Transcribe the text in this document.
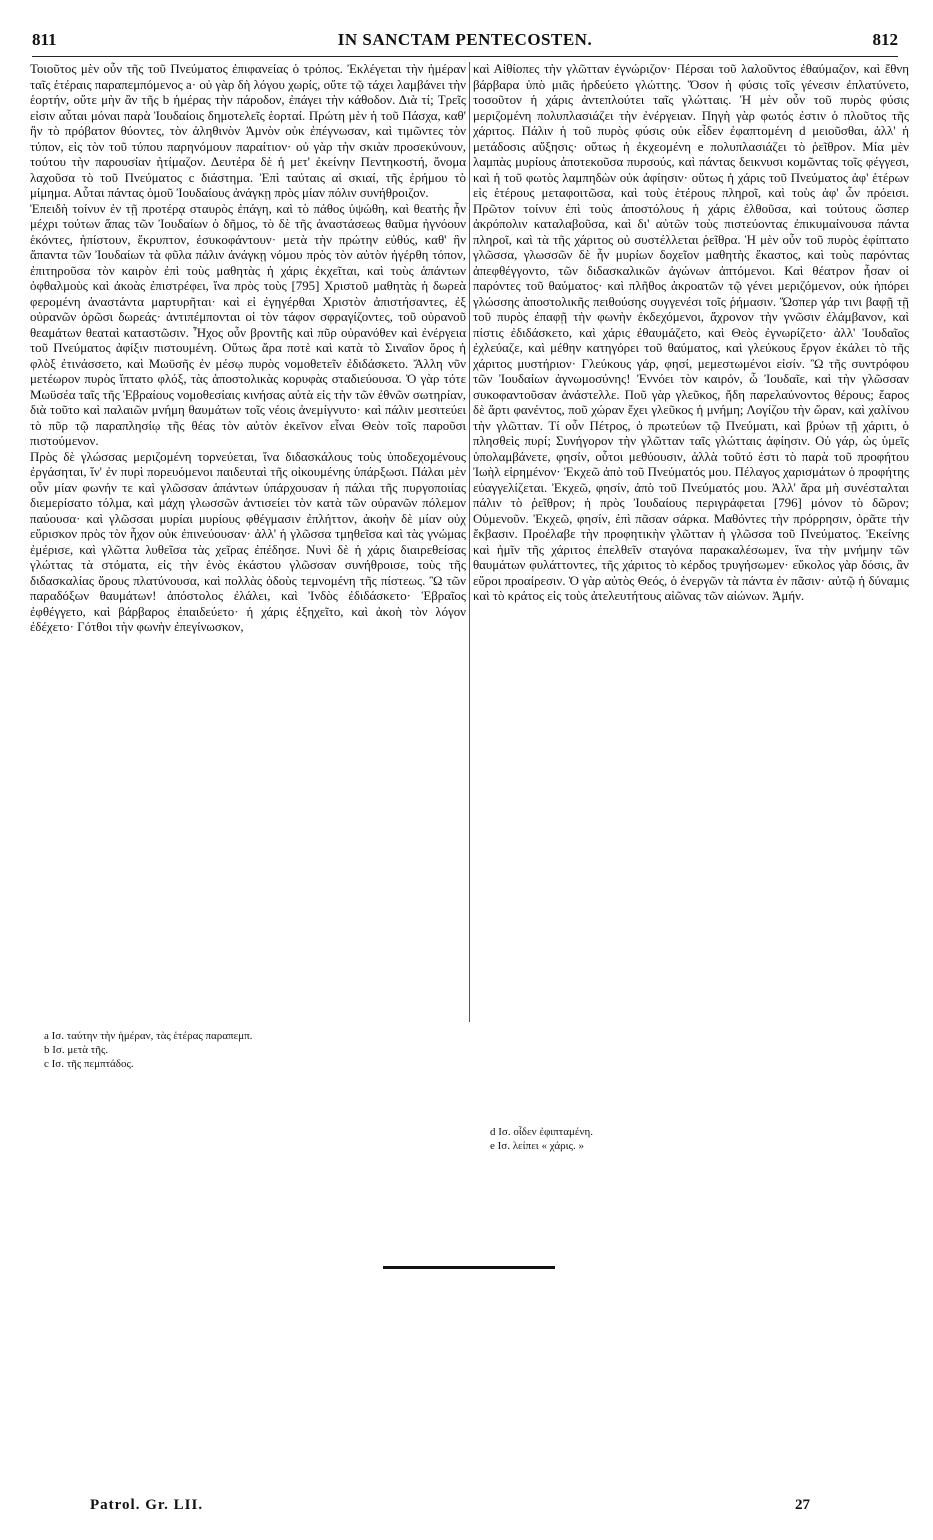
811	IN SANCTAM PENTECOSTEN.	812

Τοιοῦτος μὲν οὖν τῆς τοῦ Πνεύματος ἐπιφανείας ὁ τρόπος. Ἐκλέγεται τὴν ἡμέραν ταῖς ἑτέραις παραπεμπόμενος a· οὐ γὰρ δὴ λόγου χωρίς, οὔτε τῷ τάχει λαμβάνει τὴν ἑορτήν, οὔτε μὴν ἂν τῆς b ἡμέρας τὴν πάροδον, ἐπάγει τὴν κάθοδον. Διὰ τί; Τρεῖς εἰσιν αὗται μόναι παρὰ Ἰουδαίοις δημοτελεῖς ἑορταί. Πρώτη μὲν ἡ τοῦ Πάσχα, καθ' ἣν τὸ πρόβατον θύοντες, τὸν ἀληθινὸν Ἀμνὸν οὐκ ἐπέγνωσαν, καὶ τιμῶντες τὸν τύπον, εἰς τὸν τοῦ τύπου παρηνόμουν παραίτιον· οὐ γὰρ τὴν σκιὰν προσεκύνουν, τούτου τὴν παρουσίαν ἠτίμαζον. Δευτέρα δὲ ἡ μετ' ἐκείνην Πεντηκοστή, ὄνομα λαχοῦσα τὸ τοῦ Πνεύματος c διάστημα. Ἐπὶ ταύταις αἱ σκιαί, τῆς ἐρήμου τὸ μίμημα. Αὗται πάντας ὁμοῦ Ἰουδαίους ἀνάγκῃ πρὸς μίαν πόλιν συνήθροιζον.

Ἐπειδὴ τοίνυν ἐν τῇ προτέρᾳ σταυρὸς ἐπάγη, καὶ τὸ πάθος ὑψώθη, καὶ θεατὴς ἦν μέχρι τούτων ἅπας τῶν Ἰουδαίων ὁ δῆμος, τὸ δὲ τῆς ἀναστάσεως θαῦμα ἠγνόουν ἑκόντες, ἠπίστουν, ἔκρυπτον, ἐσυκοφάντουν· μετὰ τὴν πρώτην εὐθύς, καθ' ἣν ἅπαντα τῶν Ἰουδαίων τὰ φῦλα πάλιν ἀνάγκῃ νόμου πρὸς τὸν αὐτὸν ἠγέρθη τόπον, ἐπιτηροῦσα τὸν καιρὸν ἐπὶ τοὺς μαθητὰς ἡ χάρις ἐκχεῖται, καὶ τοὺς ἁπάντων ὀφθαλμοὺς καὶ ἀκοὰς ἐπιστρέφει, ἵνα πρὸς τοὺς [795] Χριστοῦ μαθητὰς ἡ δωρεὰ φερομένη ἀναστάντα μαρτυρῆται· καὶ εἰ ἐγηγέρθαι Χριστὸν ἀπιστήσαντες, ἐξ οὐρανῶν ὁρῶσι δωρεάς· ἀντιπέμπονται οἱ τὸν τάφον σφραγίζοντες, τοῦ οὐρανοῦ θεαμάτων θεαταὶ καταστῶσιν. Ἦχος οὖν βροντῆς καὶ πῦρ οὐρανόθεν καὶ ἐνέργεια τοῦ Πνεύματος ἀφίξιν πιστουμένη. Οὕτως ἄρα ποτὲ καὶ κατὰ τὸ Σιναῖον ὄρος ἡ φλὸξ ἐτινάσσετο, καὶ Μωϋσῆς ἐν μέσῳ πυρὸς νομοθετεῖν ἐδιδάσκετο. Ἄλλη νῦν μετέωρον πυρὸς ἵπτατο φλόξ, τὰς ἀποστολικὰς κορυφὰς σταδιεύουσα. Ὁ γὰρ τότε Μωϋσέα ταῖς τῆς Ἑβραίους νομοθεσίαις κινήσας αὐτὰ εἰς τὴν τῶν ἐθνῶν σωτηρίαν, διὰ τοῦτο καὶ παλαιῶν μνήμη θαυμάτων τοῖς νέοις ἀνεμίγνυτο· καὶ πάλιν μεσιτεύει τὸ πῦρ τῷ παραπλησίῳ τῆς θέας τὸν αὐτὸν ἐκεῖνον εἶναι Θεὸν τοῖς παροῦσι πιστούμενον.

Πρὸς δὲ γλώσσας μεριζομένη τορνεύεται, ἵνα διδασκάλους τοὺς ὑποδεχομένους ἐργάσηται, ἵν' ἐν πυρὶ πορευόμενοι παιδευταὶ τῆς οἰκουμένης ὑπάρξωσι. Πάλαι μὲν οὖν μίαν φωνήν τε καὶ γλῶσσαν ἁπάντων ὑπάρχουσαν ἡ πάλαι τῆς πυργοποιίας διεμερίσατο τόλμα, καὶ μάχη γλωσσῶν ἀντισείει τὸν κατὰ τῶν οὐρανῶν πόλεμον παύουσα· καὶ γλῶσσαι μυρίαι μυρίους φθέγμασιν ἐπλήττον, ἀκοὴν δὲ μίαν οὐχ εὕρισκον πρὸς τὸν ἦχον οὐκ ἐπινεύουσαν· ἀλλ' ἡ γλῶσσα τμηθεῖσα καὶ τὰς γνώμας ἐμέρισε, καὶ γλῶττα λυθεῖσα τὰς χεῖρας ἐπέδησε. Νυνὶ δὲ ἡ χάρις διαιρεθείσας γλώττας τὰ στόματα, εἰς τὴν ἑνὸς ἑκάστου γλῶσσαν συνήθροισε, τοὺς τῆς διδασκαλίας ὅρους πλατύνουσα, καὶ πολλὰς ὁδοὺς τεμνομένη τῆς πίστεως. Ὢ τῶν παραδόξων θαυμάτων! ἀπόστολος ἐλάλει, καὶ Ἰνδὸς ἐδιδάσκετο· Ἑβραῖος ἐφθέγγετο, καὶ βάρβαρος ἐπαιδεύετο· ἡ χάρις ἐξηχεῖτο, καὶ ἀκοὴ τὸν λόγον ἐδέχετο· Γότθοι τὴν φωνὴν ἐπεγίνωσκον,

καὶ Αἰθίοπες τὴν γλῶτταν ἐγνώριζον· Πέρσαι τοῦ λαλοῦντος ἐθαύμαζον, καὶ ἔθνη βάρβαρα ὑπὸ μιᾶς ἠρδεύετο γλώττης. Ὅσον ἡ φύσις τοῖς γένεσιν ἐπλατύνετο, τοσοῦτον ἡ χάρις ἀντεπλούτει ταῖς γλώτταις. Ἡ μὲν οὖν τοῦ πυρὸς φύσις μεριζομένη πολυπλασιάζει τὴν ἐνέργειαν. Πηγὴ γὰρ φωτός ἐστιν ὁ πλοῦτος τῆς χάριτος. Πάλιν ἡ τοῦ πυρὸς φύσις οὐκ εἶδεν ἐφαπτομένη d μειοῦσθαι, ἀλλ' ἡ μετάδοσις αὔξησις· οὕτως ἡ ἐκχεομένη e πολυπλασιάζει τὸ ῥεῖθρον. Μία μὲν λαμπὰς μυρίους ἀποτεκοῦσα πυρσούς, καὶ πάντας δεικνυσι κομῶντας τοῖς φέγγεσι, καὶ ἡ τοῦ φωτὸς λαμπηδὼν οὐκ ἀφίησιν· οὕτως ἡ χάρις τοῦ Πνεύματος ἀφ' ἑτέρων εἰς ἑτέρους μεταφοιτῶσα, καὶ τοὺς ἑτέρους πληροῖ, καὶ τοὺς ἀφ' ὧν πρόεισι. Πρῶτον τοίνυν ἐπὶ τοὺς ἀποστόλους ἡ χάρις ἐλθοῦσα, καὶ τούτους ὥσπερ ἀκρόπολιν καταλαβοῦσα, καὶ δι' αὐτῶν τοὺς πιστεύοντας ἐπικυμαίνουσα πάντα πληροῖ, καὶ τὰ τῆς χάριτος οὐ συστέλλεται ῥεῖθρα. Ἡ μὲν οὖν τοῦ πυρὸς ἐφίπτατο γλῶσσα, γλωσσῶν δὲ ἦν μυρίων δοχεῖον μαθητὴς ἕκαστος, καὶ τοὺς παρόντας ἀπεφθέγγοντο, τῶν διδασκαλικῶν ἀγώνων ἀπτόμενοι. Καὶ θέατρον ἦσαν οἱ παρόντες τοῦ θαύματος· καὶ πλῆθος ἀκροατῶν τῷ γένει μεριζόμενον, οὐκ ἠπόρει γλώσσης ἀποστολικῆς πειθούσης συγγενέσι τοῖς ῥήμασιν. Ὥσπερ γάρ τινι βαφῇ τῇ τοῦ πυρὸς ἐπαφῇ τὴν φωνὴν ἐκδεχόμενοι, ἄχρονον τὴν γνῶσιν ἐλάμβανον, καὶ πίστις ἐδιδάσκετο, καὶ χάρις ἐθαυμάζετο, καὶ Θεὸς ἐγνωρίζετο· ἀλλ' Ἰουδαῖος ἐχλεύαζε, καὶ μέθην κατηγόρει τοῦ θαύματος, καὶ γλεύκους ἔργον ἐκάλει τὸ τῆς χάριτος μυστήριον· Γλεύκους γάρ, φησί, μεμεστωμένοι εἰσίν. Ὢ τῆς συντρόφου τῶν Ἰουδαίων ἀγνωμοσύνης! Ἐννόει τὸν καιρόν, ὦ Ἰουδαῖε, καὶ τὴν γλῶσσαν συκοφαντοῦσαν ἀνάστελλε. Ποῦ γὰρ γλεῦκος, ἤδη παρελαύνοντος θέρους; ἔαρος δὲ ἄρτι φανέντος, ποῦ χώραν ἔχει γλεῦκος ἡ μνήμη; Λογίζου τὴν ὥραν, καὶ χαλίνου τὴν γλῶτταν. Τί οὖν Πέτρος, ὁ πρωτεύων τῷ Πνεύματι, καὶ βρύων τῇ χάριτι, ὁ πλησθεὶς πυρί; Συνήγορον τὴν γλῶτταν ταῖς γλώτταις ἀφίησιν. Οὐ γάρ, ὡς ὑμεῖς ὑπολαμβάνετε, φησίν, οὗτοι μεθύουσιν, ἀλλὰ τοῦτό ἐστι τὸ παρὰ τοῦ προφήτου Ἰωὴλ εἰρημένον· Ἐκχεῶ ἀπὸ τοῦ Πνεύματός μου. Πέλαγος χαρισμάτων ὁ προφήτης εὐαγγελίζεται. Ἐκχεῶ, φησίν, ἀπὸ τοῦ Πνεύματός μου. Ἀλλ' ἄρα μὴ συνέσταλται πάλιν τὸ ῥεῖθρον; ἡ πρὸς Ἰουδαίους περιγράφεται [796] μόνον τὸ δῶρον; Οὐμενοῦν. Ἐκχεῶ, φησίν, ἐπὶ πᾶσαν σάρκα. Μαθόντες τὴν πρόρρησιν, ὁρᾶτε τὴν ἔκβασιν. Προέλαβε τὴν προφητικὴν γλῶτταν ἡ γλῶσσα τοῦ Πνεύματος. Ἐκείνης καὶ ἡμῖν τῆς χάριτος ἐπελθεῖν σταγόνα παρακαλέσωμεν, ἵνα τὴν μνήμην τῶν θαυμάτων φυλάττοντες, τῆς χάριτος τὸ κέρδος τρυγήσωμεν· εὔκολος γὰρ δόσις, ἂν εὕροι προαίρεσιν. Ὁ γὰρ αὐτὸς Θεός, ὁ ἐνεργῶν τὰ πάντα ἐν πᾶσιν· αὐτῷ ἡ δύναμις καὶ τὸ κράτος εἰς τοὺς ἀτελευτήτους αἰῶνας τῶν αἰώνων. Ἀμήν.

a Ισ. ταύτην τὴν ἡμέραν, τὰς ἑτέρας παραπεμπ.
b Ισ. μετὰ τῆς.
c Ισ. τῆς πεμπτάδος.
d Ισ. οἶδεν ἐφιπταμένη.
e Ισ. λείπει « χάρις. »
Patrol. Gr. LII.	27
